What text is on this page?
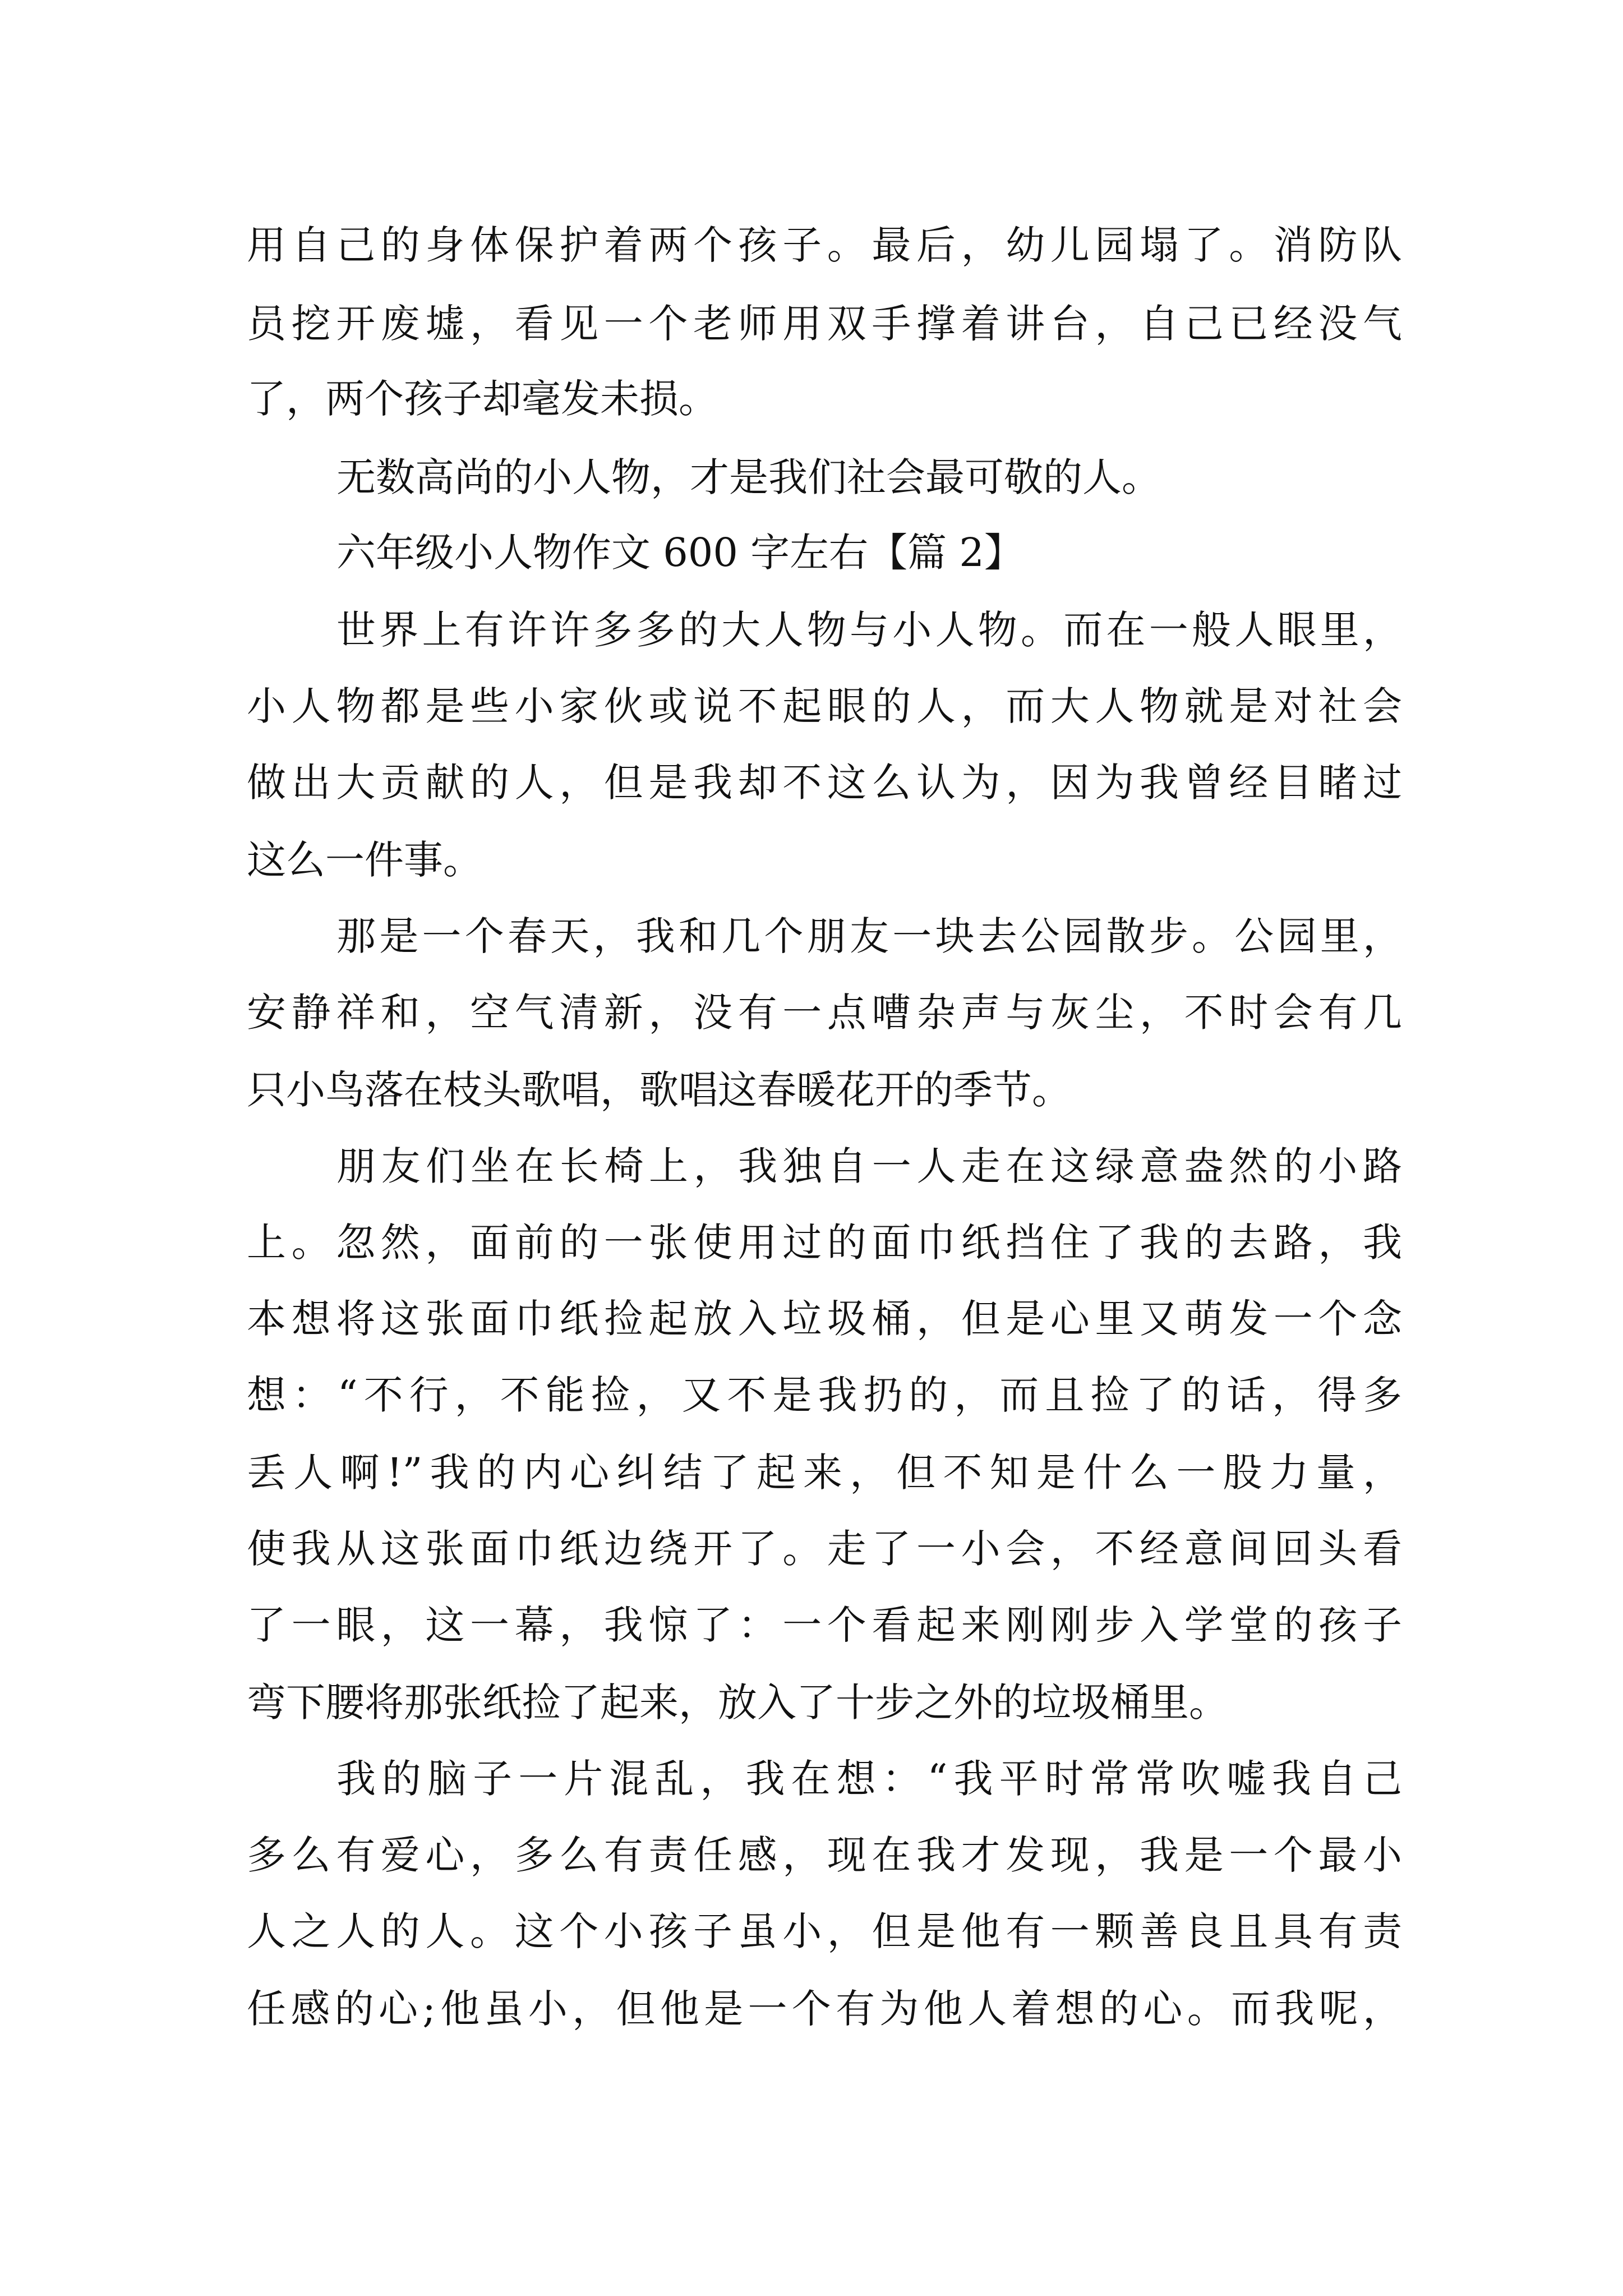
用自己的身体保护着两个孩子。最后，幼儿园塌了。消防队

员挖开废墟，看见一个老师用双手撑着讲台，自己已经没气

了，两个孩子却毫发未损。

无数高尚的小人物，才是我们社会最可敬的人。

六年级小人物作文 600 字左右【篇 2】

世界上有许许多多的大人物与小人物。而在一般人眼里，

小人物都是些小家伙或说不起眼的人，而大人物就是对社会

做出大贡献的人，但是我却不这么认为，因为我曾经目睹过

这么一件事。

那是一个春天，我和几个朋友一块去公园散步。公园里，

安静祥和，空气清新，没有一点嘈杂声与灰尘，不时会有几

只小鸟落在枝头歌唱，歌唱这春暖花开的季节。

朋友们坐在长椅上，我独自一人走在这绿意盎然的小路

上。忽然，面前的一张使用过的面巾纸挡住了我的去路，我

本想将这张面巾纸捡起放入垃圾桶，但是心里又萌发一个念

想：“不行，不能捡，又不是我扔的，而且捡了的话，得多

丢人啊!”我的内心纠结了起来，但不知是什么一股力量，

使我从这张面巾纸边绕开了。走了一小会，不经意间回头看

了一眼，这一幕，我惊了：一个看起来刚刚步入学堂的孩子

弯下腰将那张纸捡了起来，放入了十步之外的垃圾桶里。

我的脑子一片混乱，我在想：“我平时常常吹嘘我自己

多么有爱心，多么有责任感，现在我才发现，我是一个最小

人之人的人。这个小孩子虽小，但是他有一颗善良且具有责

任感的心;他虽小，但他是一个有为他人着想的心。而我呢，
